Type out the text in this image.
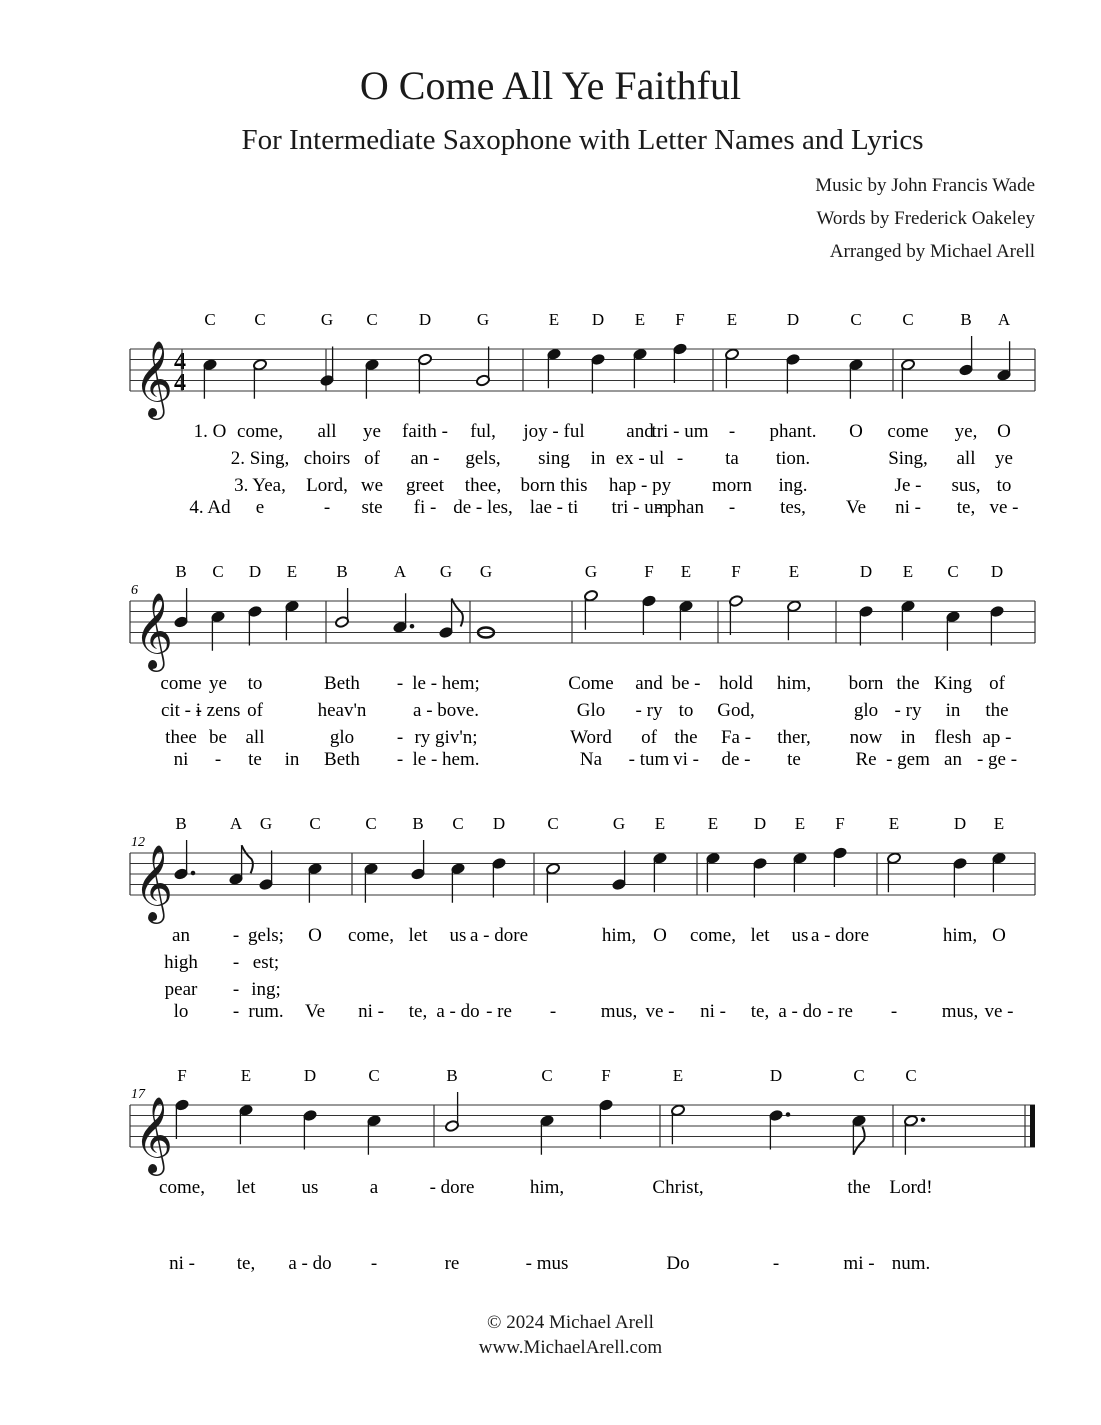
O Come All Ye Faithful
For Intermediate Saxophone with Letter Names and Lyrics
Music by John Francis Wade
Words by Frederick Oakeley
Arranged by Michael Arell
𝄞 4
4
C
1. O
4. Ad
C
come,
2. Sing,
3. Yea,
e
G
all
choirs
Lord,
-
C
ye
of
we
ste
D
faith -
an -
greet
fi -
G
ful,
gels,
thee,
de - les,
E
joy - ful
sing
born this
lae - ti
D
in
E
and
ex - ul
hap - py
tri - um
F
tri - um
-
- phan
E
-
ta
morn
-
D
phant.
tion.
ing.
tes,
C
O
Ve
C
come
Sing,
Je -
ni -
B
ye,
all
sus,
te,
A
O
ye
to
ve -
𝄞
6
B
come
cit - i
thee
ni
C
ye
- zens
be
-
D
to
of
all
te
E
in
B
Beth
heav'n
glo
Beth
A
-
-
-
G
le - hem;
a - bove.
ry giv'n;
le - hem.
G	G
Come
Glo
Word
Na
F
and
- ry
of
- tum
E
be -
to
the
vi -
F
hold
God,
Fa -
de -
E
him,
ther,
te
D
born
glo
now
Re
E
the
- ry
in
- gem
C
King
in
flesh
an
D
of
the
ap -
- ge -
𝄞
12
B
an
high
pear
lo
A
-
-
-
-
G
gels;
est;
ing;
rum.
C
O
Ve
C
come,
ni -
B
let
te,
C
us
a - do
D
a - dore
- re
C
-
G
him,
mus,
E
O
ve -
E
come,
ni -
D
let
te,
E
us
a - do
F
a - dore
- re
E
-
D
him,
mus,
E
O
ve -
𝄞
17
F
come,
ni -
E
let
te,
D
us
a - do
C
a
-
B
- dore
re
C
him,
- mus
F	E
Christ,
Do
D
-
C
the
mi -
C
Lord!
num.
© 2024 Michael Arell
www.MichaelArell.com
